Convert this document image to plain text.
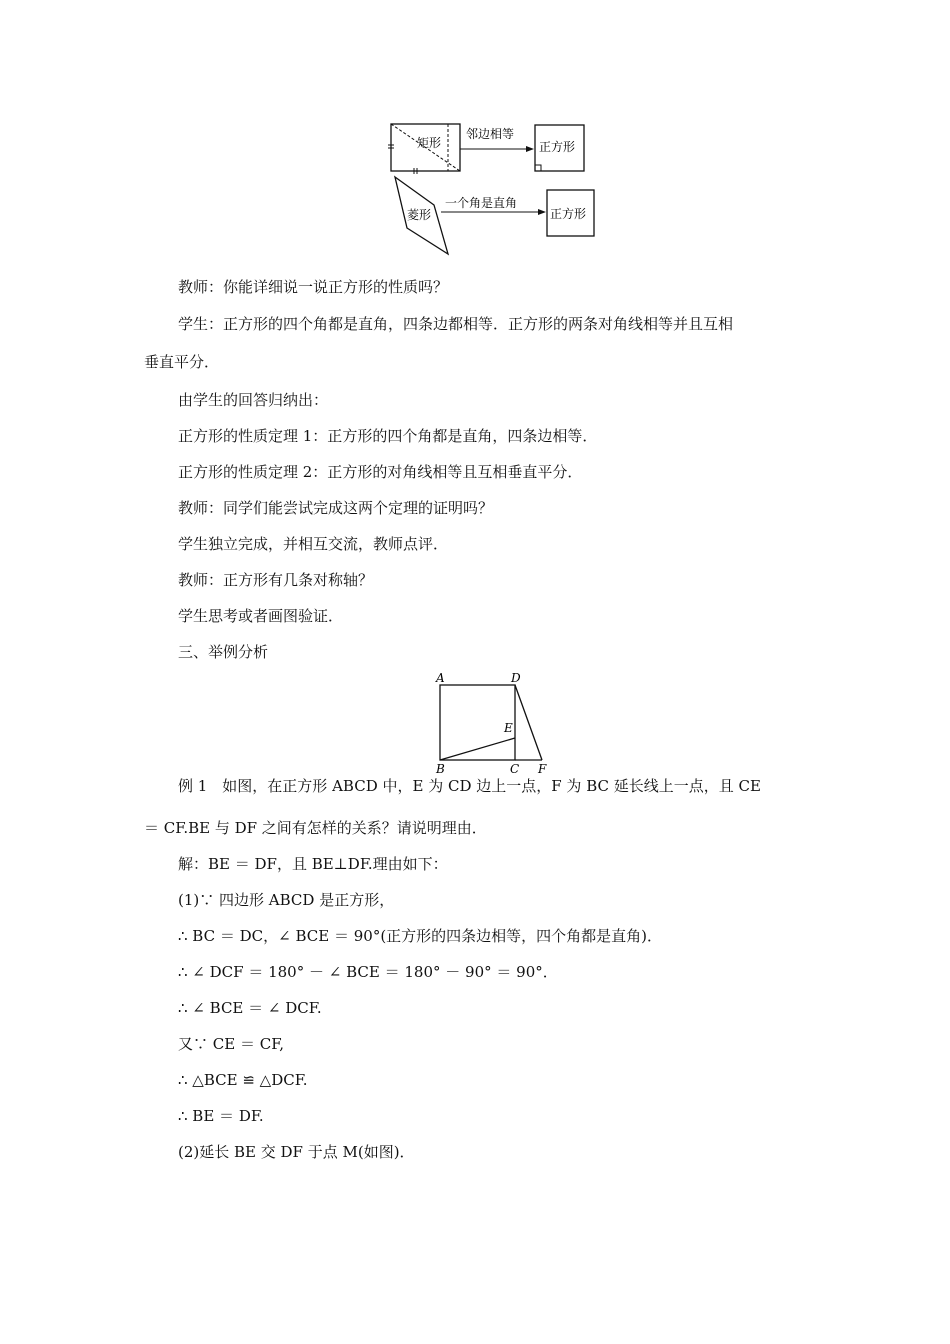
矩形
邻边相等
正方形
菱形
一个角是直角
正方形
教师：你能详细说一说正方形的性质吗？
学生：正方形的四个角都是直角，四条边都相等．正方形的两条对角线相等并且互相
垂直平分．
由学生的回答归纳出：
正方形的性质定理 1：正方形的四个角都是直角，四条边相等．
正方形的性质定理 2：正方形的对角线相等且互相垂直平分．
教师：同学们能尝试完成这两个定理的证明吗？
学生独立完成，并相互交流，教师点评．
教师：正方形有几条对称轴？
学生思考或者画图验证．
三、举例分析
A	D
E
B	C F
例 1　如图，在正方形 ABCD 中，E 为 CD 边上一点，F 为 BC 延长线上一点，且 CE
＝ CF.BE 与 DF 之间有怎样的关系？请说明理由．
解：BE ＝ DF，且 BE⊥DF.理由如下：
(1)∵ 四边形 ABCD 是正方形，
∴ BC ＝ DC，∠ BCE ＝ 90°(正方形的四条边相等，四个角都是直角)．
∴ ∠ DCF ＝ 180° － ∠ BCE ＝ 180° － 90° ＝ 90°．
∴ ∠ BCE ＝ ∠ DCF.
又∵ CE ＝ CF,
∴ △BCE ≌ △DCF.
∴ BE ＝ DF.
(2)延长 BE 交 DF 于点 M(如图)．
